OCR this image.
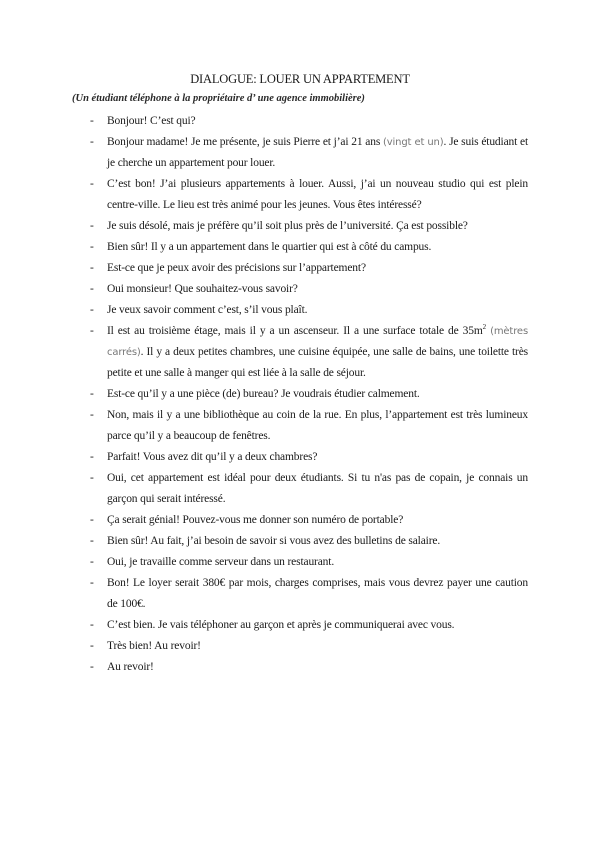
DIALOGUE: LOUER UN APPARTEMENT
(Un étudiant téléphone à la propriétaire d’ une agence immobilière)
- Bonjour! C’est qui?
- Bonjour madame! Je me présente, je suis Pierre et j’ai 21 ans (vingt et un). Je suis étudiant et je cherche un appartement pour louer.
- C’est bon! J’ai plusieurs appartements à louer. Aussi, j’ai un nouveau studio qui est plein centre-ville. Le lieu est très animé pour les jeunes. Vous êtes intéressé?
- Je suis désolé, mais je préfère qu’il soit plus près de l’université. Ça est possible?
- Bien sûr! Il y a un appartement dans le quartier qui est à côté du campus.
- Est-ce que je peux avoir des précisions sur l’appartement?
- Oui monsieur! Que souhaitez-vous savoir?
- Je veux savoir comment c’est, s’il vous plaît.
- Il est au troisième étage, mais il y a un ascenseur. Il a une surface totale de $35m^2$ (mètres carrés). Il y a deux petites chambres, une cuisine équipée, une salle de bains, une toilette très petite et une salle à manger qui est liée à la salle de séjour.
- Est-ce qu’il y a une pièce (de) bureau? Je voudrais étudier calmement.
- Non, mais il y a une bibliothèque au coin de la rue. En plus, l’appartement est très lumineux parce qu’il y a beaucoup de fenêtres.
- Parfait! Vous avez dit qu’il y a deux chambres?
- Oui, cet appartement est idéal pour deux étudiants. Si tu n'as pas de copain, je connais un garçon qui serait intéressé.
- Ça serait génial! Pouvez-vous me donner son numéro de portable?
- Bien sûr! Au fait, j’ai besoin de savoir si vous avez des bulletins de salaire.
- Oui, je travaille comme serveur dans un restaurant.
- Bon! Le loyer serait 380€ par mois, charges comprises, mais vous devrez payer une caution de 100€.
- C’est bien. Je vais téléphoner au garçon et après je communiquerai avec vous.
- Très bien! Au revoir!
- Au revoir!
